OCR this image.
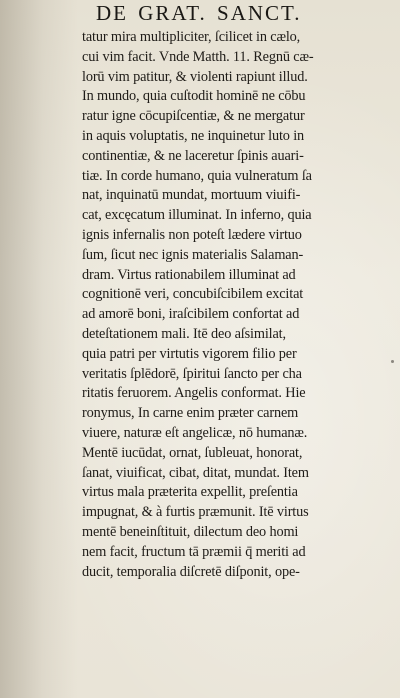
DE GRAT. SANCT.
tatur mira multipliciter, ſcilicet in cælo,
cui vim facit. Vnde Matth. 11. Regnū cæ-
lorū vim patitur, & violenti rapiunt illud.
In mundo, quia cuſtodit hominē ne cōbu
ratur igne cōcupiſcentiæ, & ne mergatur
in aquis voluptatis, ne inquinetur luto in
continentiæ, & ne laceretur ſpinis auari-
tiæ. In corde humano, quia vulneratum ſa
nat, inquinatū mundat, mortuum viuifi-
cat, excęcatum illuminat. In inferno, quia
ignis infernalis non poteſt lædere virtuo
ſum, ſicut nec ignis materialis Salaman-
dram. Virtus rationabilem illuminat ad
cognitionē veri, concubiſcibilem excitat
ad amorē boni, iraſcibilem confortat ad
deteſtationem mali. Itē deo aſsimilat,
quia patri per virtutis vigorem filio per
veritatis ſplēdorē, ſpiritui ſancto per cha
ritatis feruorem. Angelis conformat. Hie
ronymus, In carne enim præter carnem
viuere, naturæ eſt angelicæ, nō humanæ.
Mentē iucūdat, ornat, ſubleuat, honorat,
ſanat, viuificat, cibat, ditat, mundat. Item
virtus mala præterita expellit, preſentia
impugnat, & à furtis præmunit. Itē virtus
mentē beneinſtituit, dilectum deo homi
nem facit, fructum tā præmii q̄ meriti ad
ducit, temporalia diſcretē diſponit, ope-
